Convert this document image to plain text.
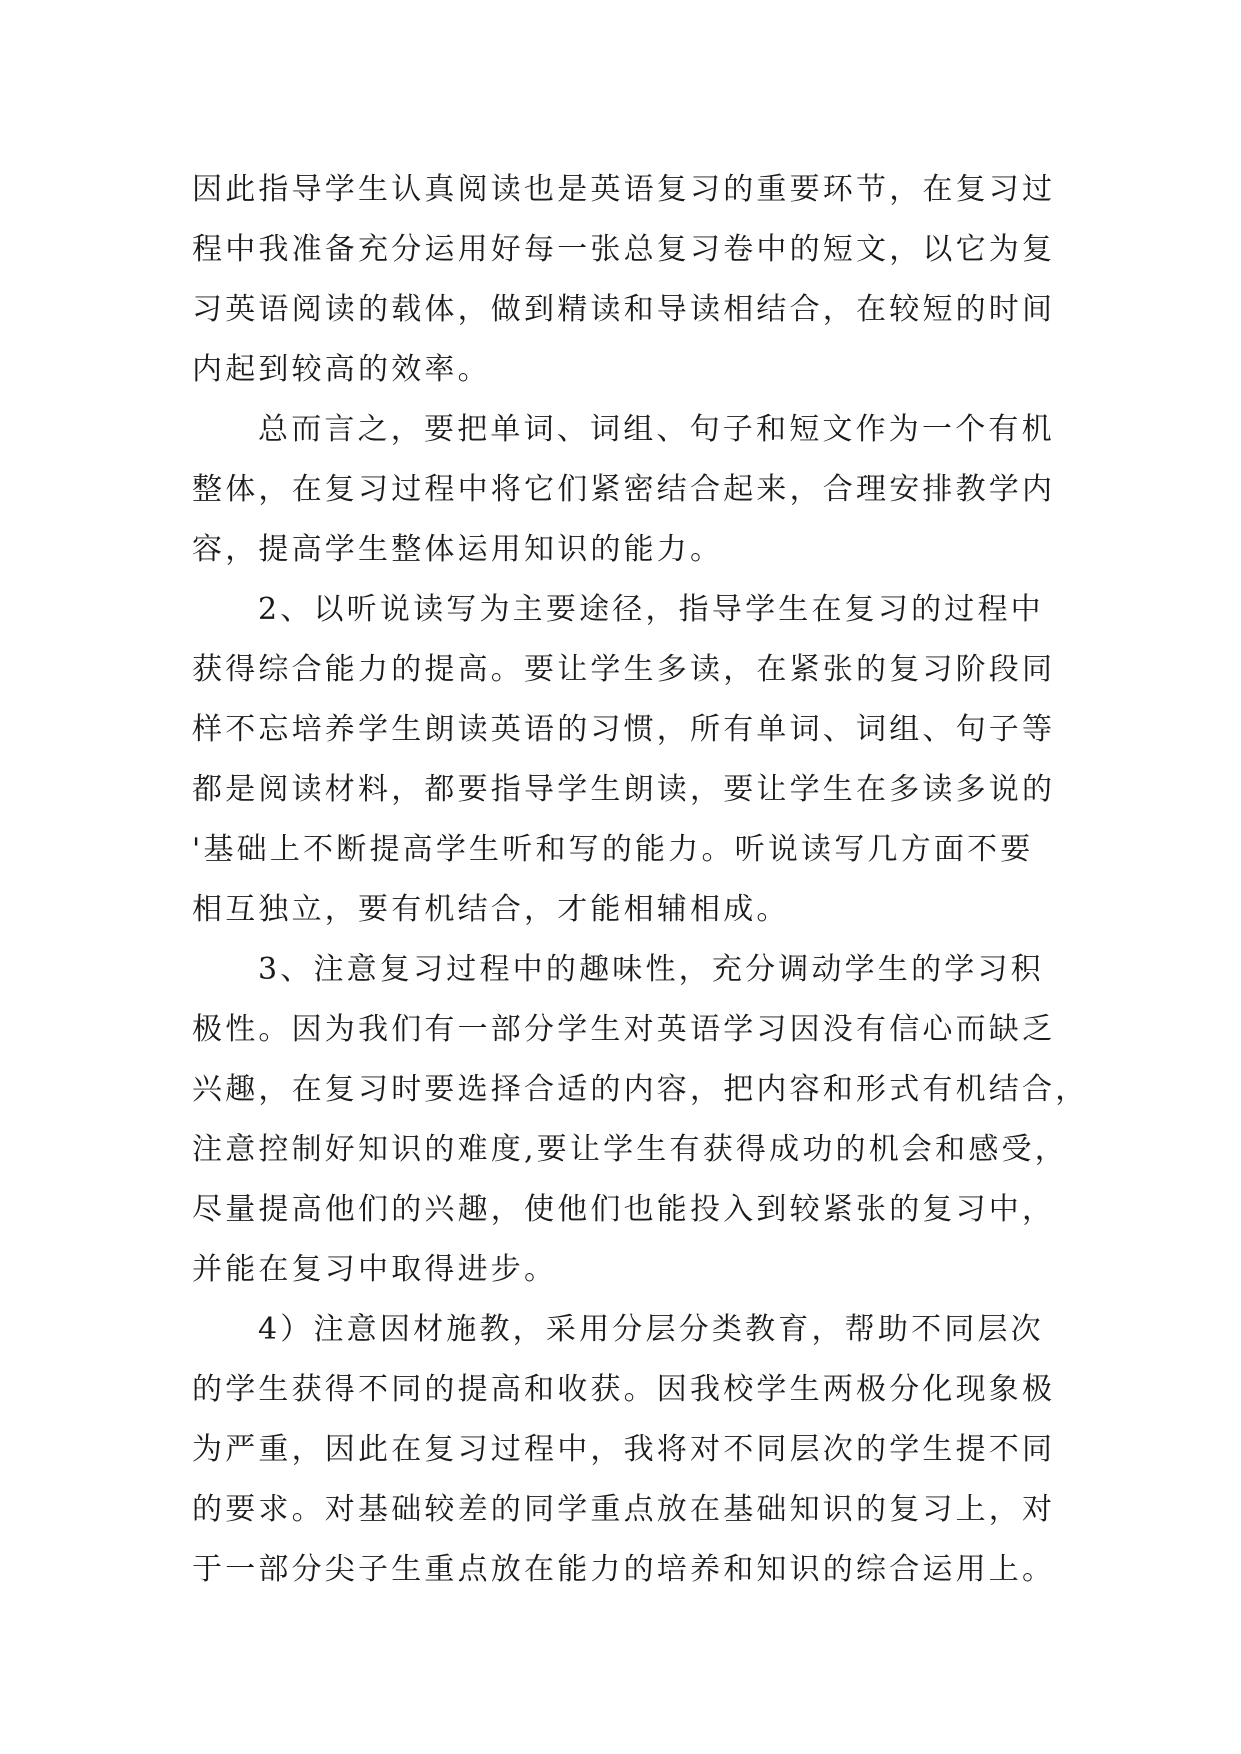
因此指导学生认真阅读也是英语复习的重要环节，在复习过
程中我准备充分运用好每一张总复习卷中的短文，以它为复
习英语阅读的载体，做到精读和导读相结合，在较短的时间
内起到较高的效率。
总而言之，要把单词、词组、句子和短文作为一个有机
整体，在复习过程中将它们紧密结合起来，合理安排教学内
容，提高学生整体运用知识的能力。
2、以听说读写为主要途径，指导学生在复习的过程中
获得综合能力的提高。要让学生多读，在紧张的复习阶段同
样不忘培养学生朗读英语的习惯，所有单词、词组、句子等
都是阅读材料，都要指导学生朗读，要让学生在多读多说的
'基础上不断提高学生听和写的能力。听说读写几方面不要
相互独立，要有机结合，才能相辅相成。
3、注意复习过程中的趣味性，充分调动学生的学习积
极性。因为我们有一部分学生对英语学习因没有信心而缺乏
兴趣，在复习时要选择合适的内容，把内容和形式有机结合，
注意控制好知识的难度,要让学生有获得成功的机会和感受，
尽量提高他们的兴趣，使他们也能投入到较紧张的复习中，
并能在复习中取得进步。
4）注意因材施教，采用分层分类教育，帮助不同层次
的学生获得不同的提高和收获。因我校学生两极分化现象极
为严重，因此在复习过程中，我将对不同层次的学生提不同
的要求。对基础较差的同学重点放在基础知识的复习上，对
于一部分尖子生重点放在能力的培养和知识的综合运用上。
